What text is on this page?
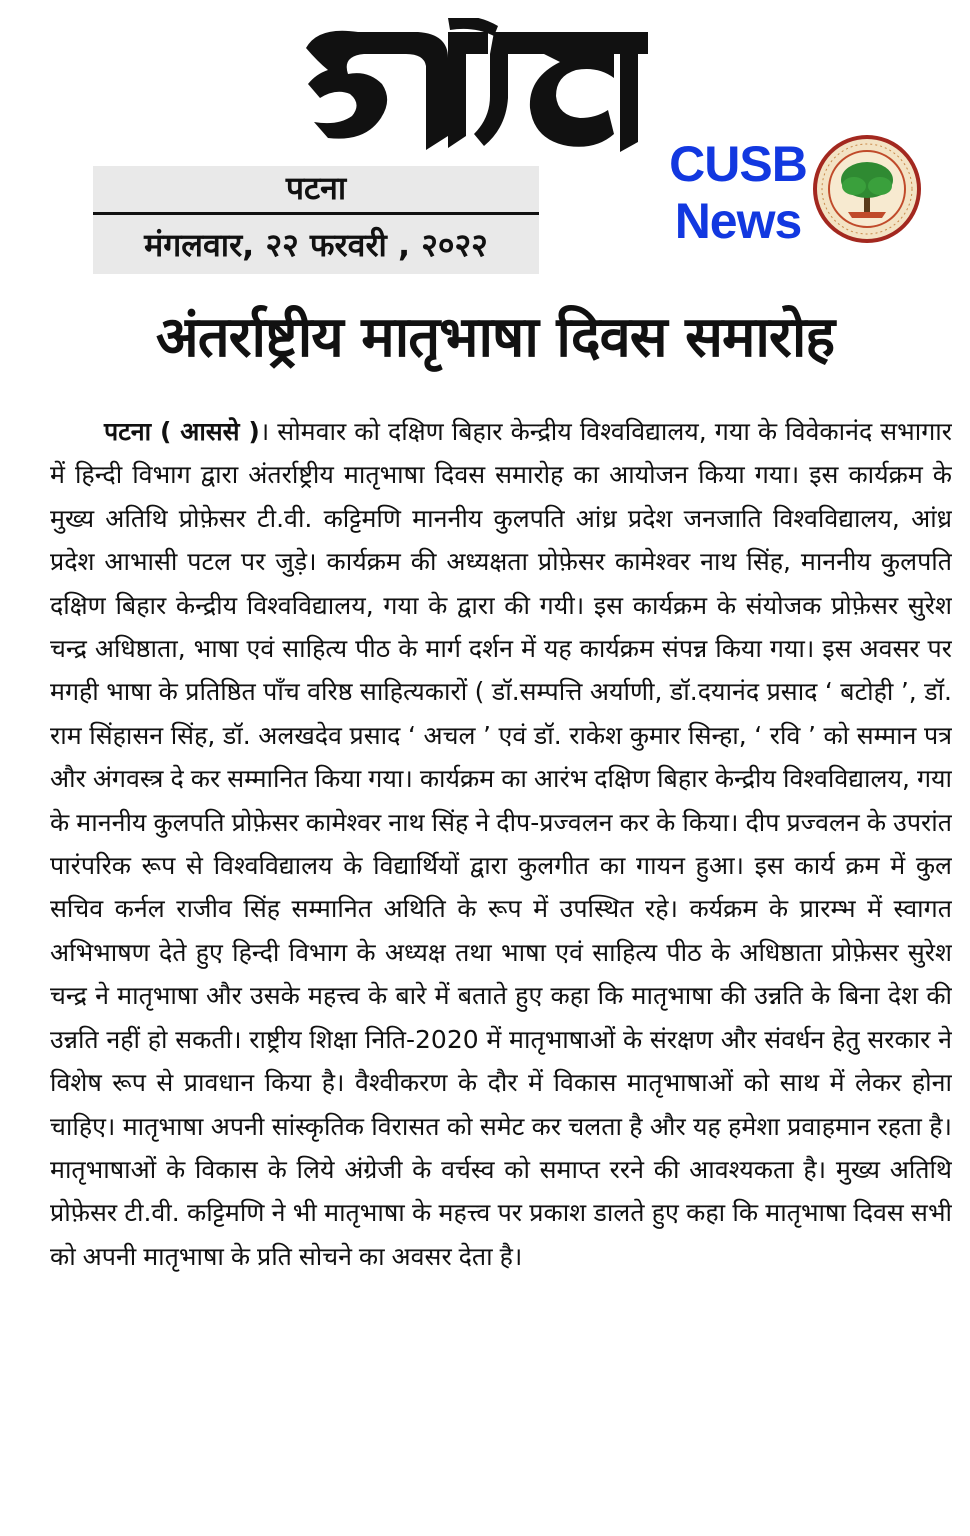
पटना
मंगलवार, २२ फरवरी , २०२२
CUSB
News
अंतर्राष्ट्रीय मातृभाषा दिवस समारोह

पटना ( आससे )। सोमवार को दक्षिण बिहार केन्द्रीय विश्वविद्यालय, गया के विवेकानंद सभागार में हिन्दी विभाग द्वारा अंतर्राष्ट्रीय मातृभाषा दिवस समारोह का आयोजन किया गया। इस कार्यक्रम के मुख्य अतिथि प्रोफ़ेसर टी.वी. कट्टिमणि माननीय कुलपति आंध्र प्रदेश जनजाति विश्वविद्यालय, आंध्र प्रदेश आभासी पटल पर जुड़े। कार्यक्रम की अध्यक्षता प्रोफ़ेसर कामेश्वर नाथ सिंह, माननीय कुलपति दक्षिण बिहार केन्द्रीय विश्वविद्यालय, गया के द्वारा की गयी। इस कार्यक्रम के संयोजक प्रोफ़ेसर सुरेश चन्द्र अधिष्ठाता, भाषा एवं साहित्य पीठ के मार्ग दर्शन में यह कार्यक्रम संपन्न किया गया। इस अवसर पर मगही भाषा के प्रतिष्ठित पाँच वरिष्ठ साहित्यकारों ( डॉ.सम्पत्ति अर्याणी, डॉ.दयानंद प्रसाद ‘ बटोही ’, डॉ. राम सिंहासन सिंह, डॉ. अलखदेव प्रसाद ‘ अचल ’ एवं डॉ. राकेश कुमार सिन्हा, ‘ रवि ’ को सम्मान पत्र और अंगवस्त्र दे कर सम्मानित किया गया। कार्यक्रम का आरंभ दक्षिण बिहार केन्द्रीय विश्वविद्यालय, गया के माननीय कुलपति प्रोफ़ेसर कामेश्वर नाथ सिंह ने दीप-प्रज्वलन कर के किया। दीप प्रज्वलन के उपरांत पारंपरिक रूप से विश्वविद्यालय के विद्यार्थियों द्वारा कुलगीत का गायन हुआ। इस कार्य क्रम में कुल सचिव कर्नल राजीव सिंह सम्मानित अथिति के रूप में उपस्थित रहे। कर्यक्रम के प्रारम्भ में स्वागत अभिभाषण देते हुए हिन्दी विभाग के अध्यक्ष तथा भाषा एवं साहित्य पीठ के अधिष्ठाता प्रोफ़ेसर सुरेश चन्द्र ने मातृभाषा और उसके महत्त्व के बारे में बताते हुए कहा कि मातृभाषा की उन्नति के बिना देश की उन्नति नहीं हो सकती। राष्ट्रीय शिक्षा निति-2020 में मातृभाषाओं के संरक्षण और संवर्धन हेतु सरकार ने विशेष रूप से प्रावधान किया है। वैश्वीकरण के दौर में विकास मातृभाषाओं को साथ में लेकर होना चाहिए। मातृभाषा अपनी सांस्कृतिक विरासत को समेट कर चलता है और यह हमेशा प्रवाहमान रहता है। मातृभाषाओं के विकास के लिये अंग्रेजी के वर्चस्व को समाप्त ररने की आवश्यकता है। मुख्य अतिथि प्रोफ़ेसर टी.वी. कट्टिमणि ने भी मातृभाषा के महत्त्व पर प्रकाश डालते हुए कहा कि मातृभाषा दिवस सभी को अपनी मातृभाषा के प्रति सोचने का अवसर देता है।
